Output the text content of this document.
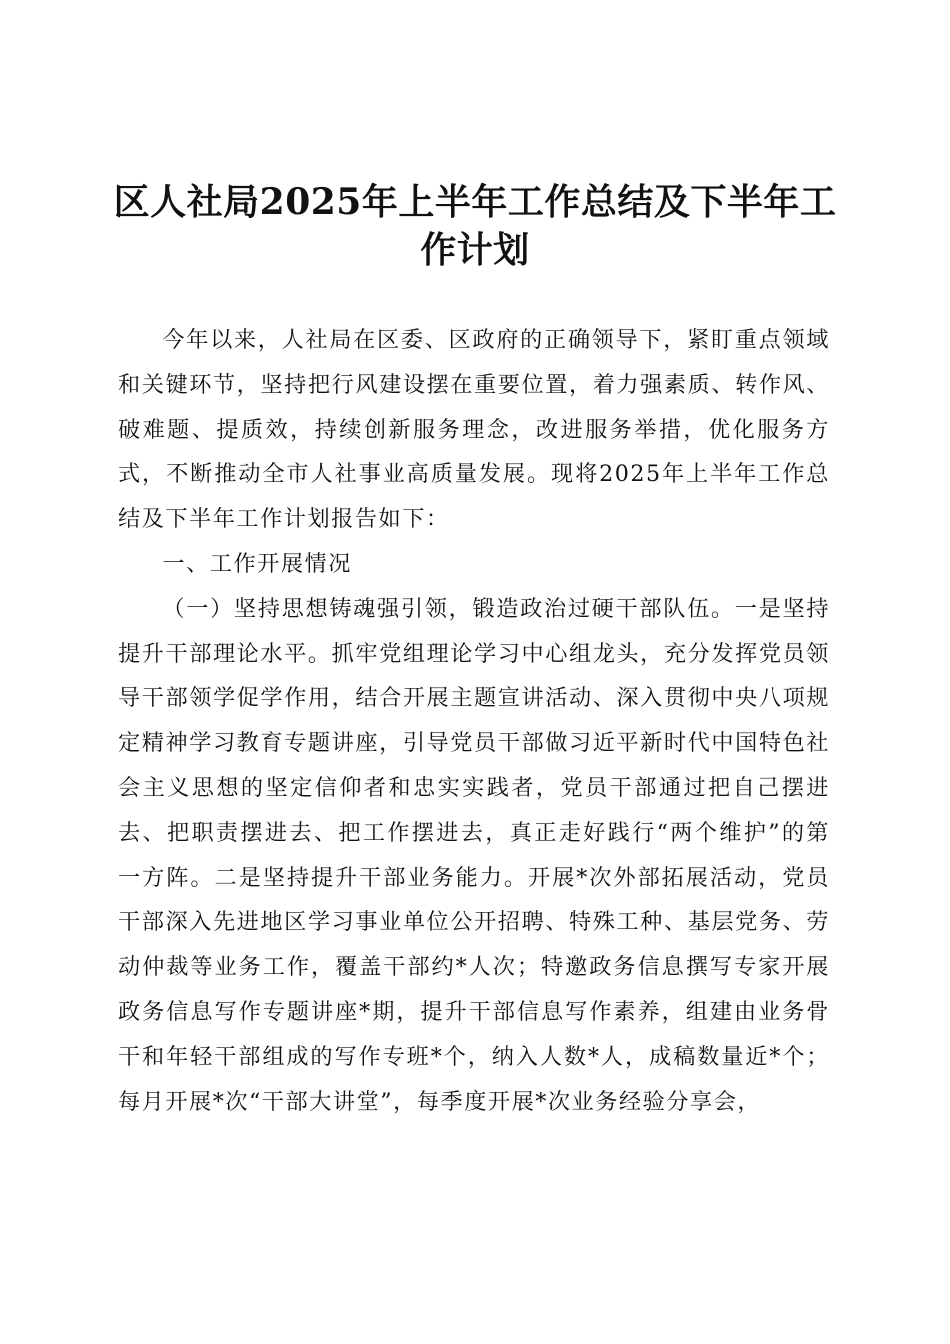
区人社局2025年上半年工作总结及下半年工作计划

今年以来，人社局在区委、区政府的正确领导下，紧盯重点领域和关键环节，坚持把行风建设摆在重要位置，着力强素质、转作风、破难题、提质效，持续创新服务理念，改进服务举措，优化服务方式，不断推动全市人社事业高质量发展。现将2025年上半年工作总结及下半年工作计划报告如下：

一、工作开展情况

（一）坚持思想铸魂强引领，锻造政治过硬干部队伍。一是坚持提升干部理论水平。抓牢党组理论学习中心组龙头，充分发挥党员领导干部领学促学作用，结合开展主题宣讲活动、深入贯彻中央八项规定精神学习教育专题讲座，引导党员干部做习近平新时代中国特色社会主义思想的坚定信仰者和忠实实践者，党员干部通过把自己摆进去、把职责摆进去、把工作摆进去，真正走好践行“两个维护”的第一方阵。二是坚持提升干部业务能力。开展*次外部拓展活动，党员干部深入先进地区学习事业单位公开招聘、特殊工种、基层党务、劳动仲裁等业务工作，覆盖干部约*人次；特邀政务信息撰写专家开展政务信息写作专题讲座*期，提升干部信息写作素养，组建由业务骨干和年轻干部组成的写作专班*个，纳入人数*人，成稿数量近*个；每月开展*次“干部大讲堂”，每季度开展*次业务经验分享会，
